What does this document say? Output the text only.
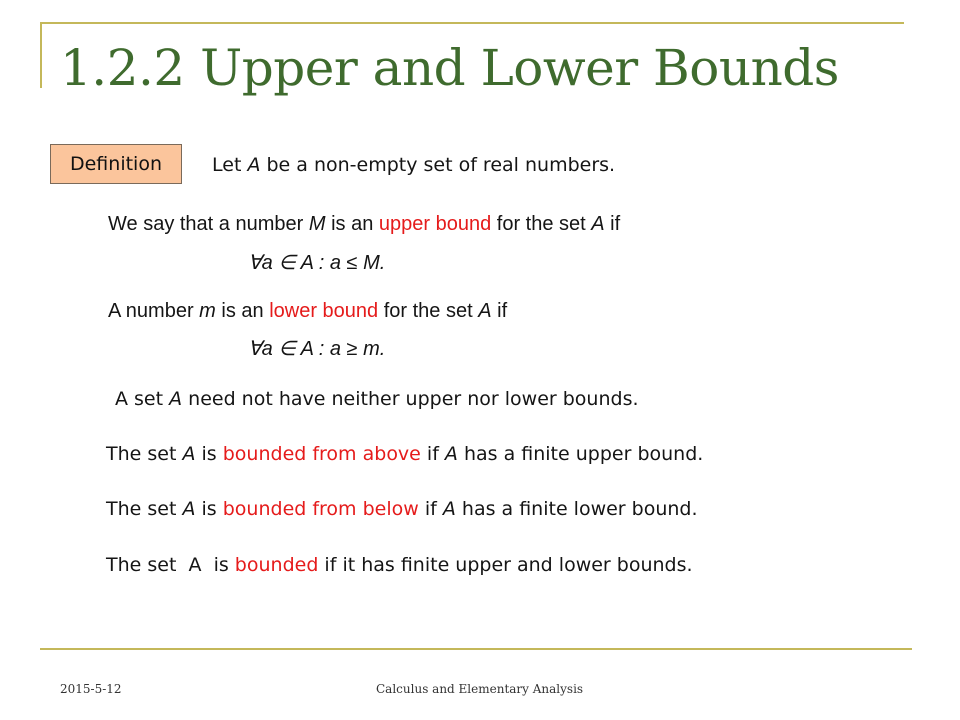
1.2.2 Upper and Lower Bounds
Definition	Let A be a non-empty set of real numbers.
We say that a number M is an upper bound for the set A if
∀a ∈ A : a ≤ M.
A number m is an lower bound for the set A if
∀a ∈ A : a ≥ m.
A set A need not have neither upper nor lower bounds.
The set A is bounded from above if A has a finite upper bound.
The set A is bounded from below if A has a finite lower bound.
The set  A  is bounded if it has finite upper and lower bounds.
2015-5-12	Calculus and Elementary Analysis
